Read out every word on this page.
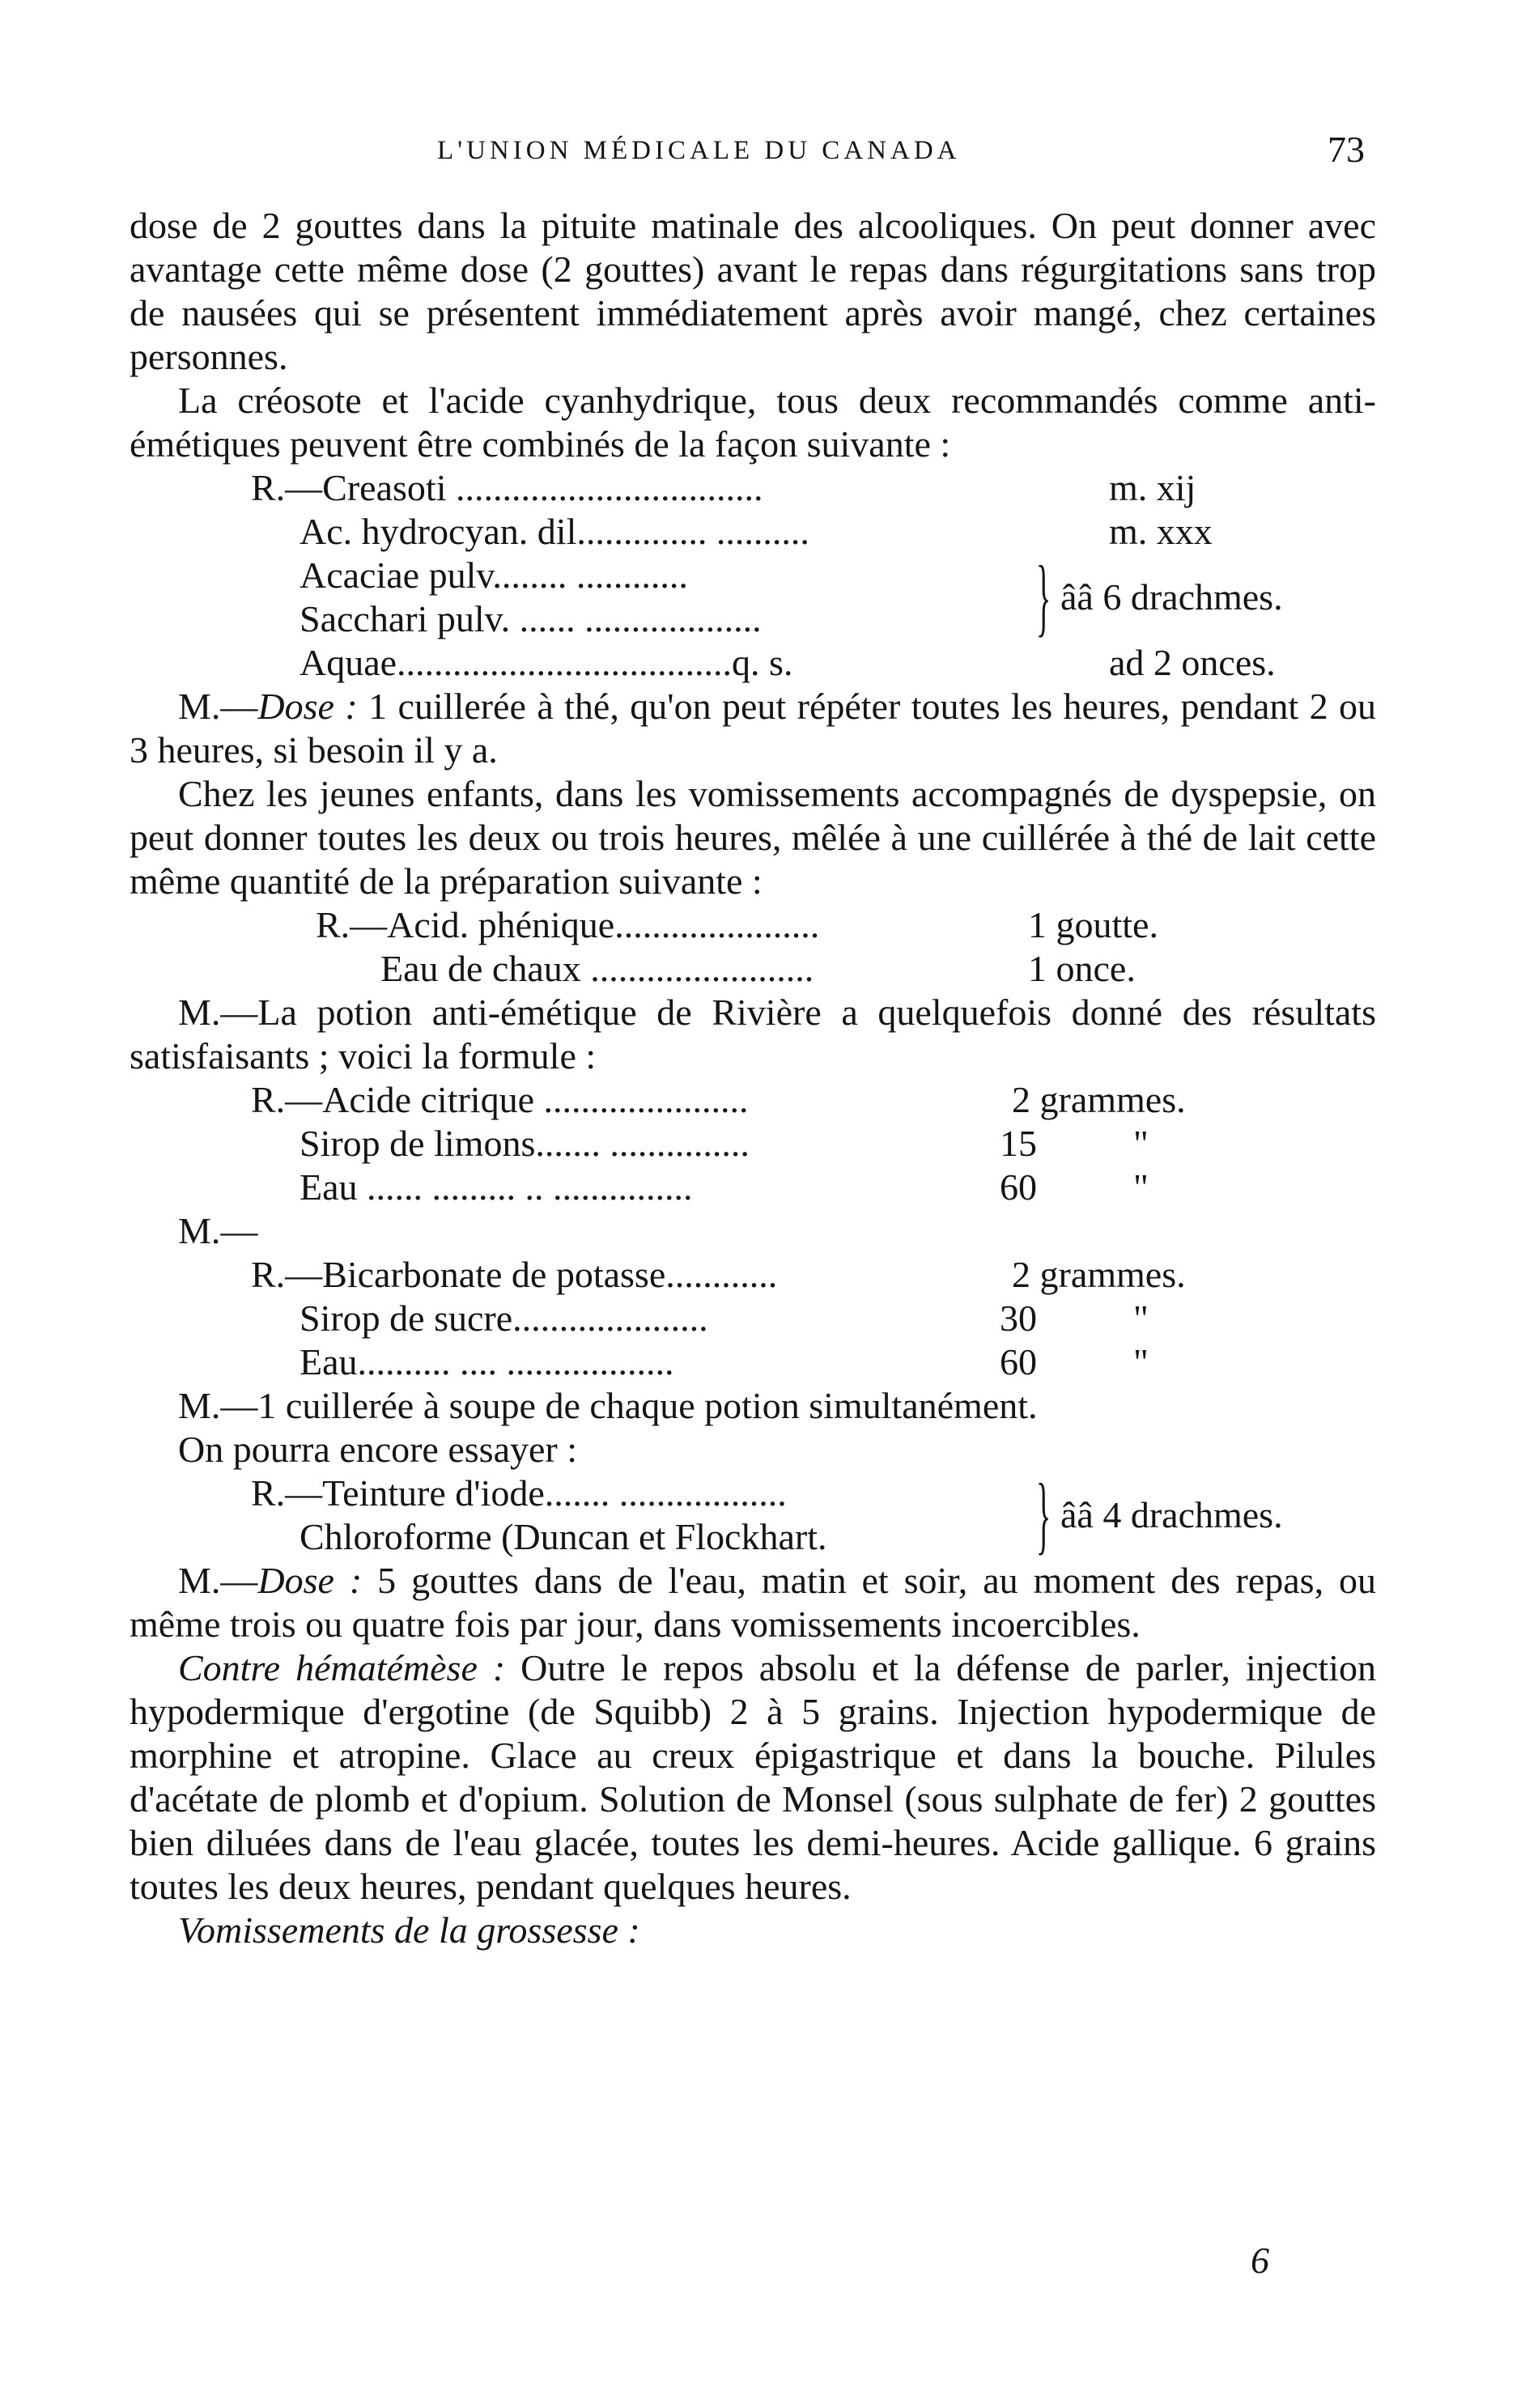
L'UNION MÉDICALE DU CANADA	73

dose de 2 gouttes dans la pituite matinale des alcooliques. On peut donner avec avantage cette même dose (2 gouttes) avant le repas dans régurgitations sans trop de nausées qui se présentent immédiatement après avoir mangé, chez certaines personnes.

La créosote et l'acide cyanhydrique, tous deux recommandés comme anti-émétiques peuvent être combinés de la façon suivante :

R.—Creasoti .................................	m. xij
Ac. hydrocyan. dil.............. ..........	m. xxx
Acaciae pulv........ ............	} ââ 6 drachmes.
Sacchari pulv. ...... ...................
Aquae....................................q. s.	ad 2 onces.

M.—Dose : 1 cuillerée à thé, qu'on peut répéter toutes les heures, pendant 2 ou 3 heures, si besoin il y a.

Chez les jeunes enfants, dans les vomissements accompagnés de dyspepsie, on peut donner toutes les deux ou trois heures, mêlée à une cuillérée à thé de lait cette même quantité de la préparation suivante :

R.—Acid. phénique......................	1 goutte.
Eau de chaux ........................	1 once.

M.—La potion anti-émétique de Rivière a quelquefois donné des résultats satisfaisants ; voici la formule :

R.—Acide citrique ......................	2 grammes.
Sirop de limons....... ...............	15	"
Eau ...... ......... .. ...............	60	"
M.—
R.—Bicarbonate de potasse............	2 grammes.
Sirop de sucre.....................	30	"
Eau.......... .... ..................	60	"

M.—1 cuillerée à soupe de chaque potion simultanément.

On pourra encore essayer :

R.—Teinture d'iode....... ..................	} ââ 4 drachmes.
Chloroforme (Duncan et Flockhart.

M.—Dose : 5 gouttes dans de l'eau, matin et soir, au moment des repas, ou même trois ou quatre fois par jour, dans vomissements incoercibles.

Contre hématémèse : Outre le repos absolu et la défense de parler, injection hypodermique d'ergotine (de Squibb) 2 à 5 grains. Injection hypodermique de morphine et atropine. Glace au creux épigastrique et dans la bouche. Pilules d'acétate de plomb et d'opium. Solution de Monsel (sous sulphate de fer) 2 gouttes bien diluées dans de l'eau glacée, toutes les demi-heures. Acide gallique. 6 grains toutes les deux heures, pendant quelques heures.

Vomissements de la grossesse :

6
